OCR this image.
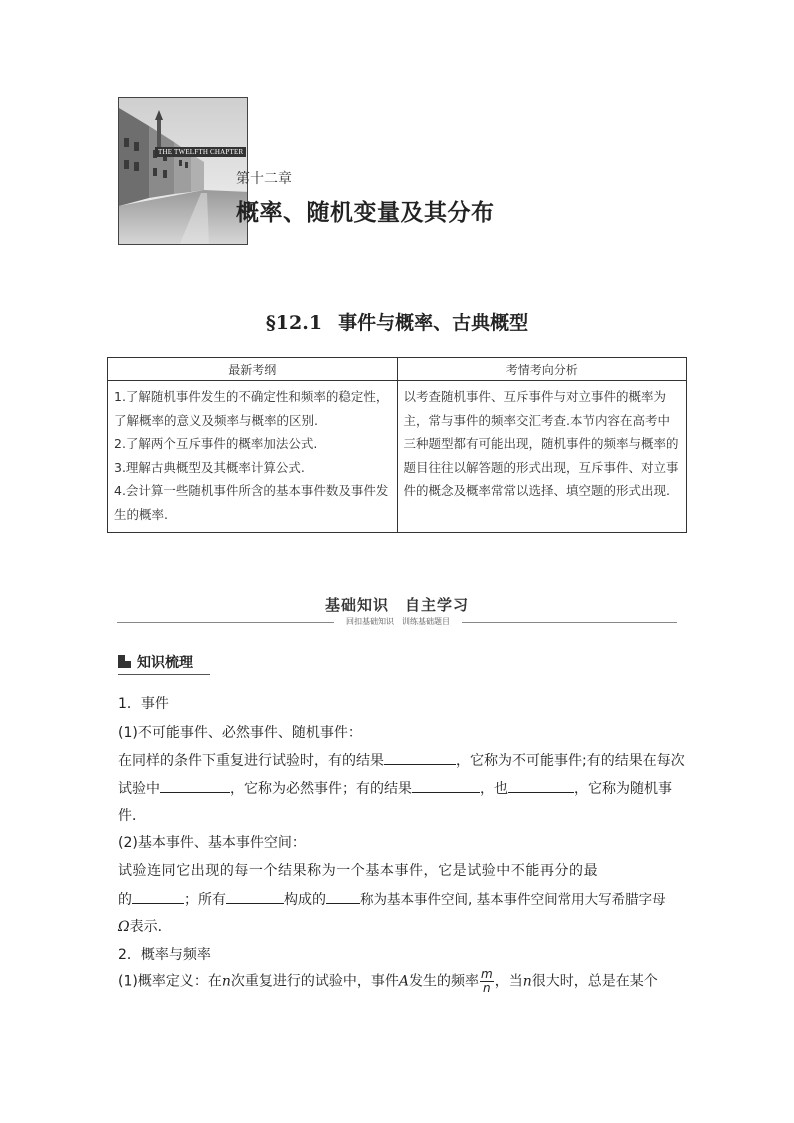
THE TWELFTH CHAPTER
第十二章
概率、随机变量及其分布
§12.1 事件与概率、古典概型
最新考纲	考情考向分析

1.了解随机事件发生的不确定性和频率的稳定性，了解概率的意义及频率与概率的区别.

2.了解两个互斥事件的概率加法公式.

3.理解古典概型及其概率计算公式.

4.会计算一些随机事件所含的基本事件数及事件发生的概率.	以考查随机事件、互斥事件与对立事件的概率为主，常与事件的频率交汇考查.本节内容在高考中三种题型都有可能出现，随机事件的频率与概率的题目往往以解答题的形式出现，互斥事件、对立事件的概念及概率常常以选择、填空题的形式出现.

基础知识　自主学习
回扣基础知识　训练基础题目
知识梳理
1．事件
(1)不可能事件、必然事件、随机事件：
在同样的条件下重复进行试验时，有的结果	，它称为不可能事件;有的结果在每次
试验中	，它称为必然事件；有的结果	，也	，它称为随机事
件．
(2)基本事件、基本事件空间：
试验连同它出现的每一个结果称为一个基本事件，它是试验中不能再分的最
的	；所有	构成的	称为基本事件空间, 基本事件空间常用大写希腊字母
Ω表示．
2．概率与频率
(1)概率定义：在n次重复进行的试验中，事件A发生的频率 $\frac{m}{n}$ ，当n很大时，总是在某个
